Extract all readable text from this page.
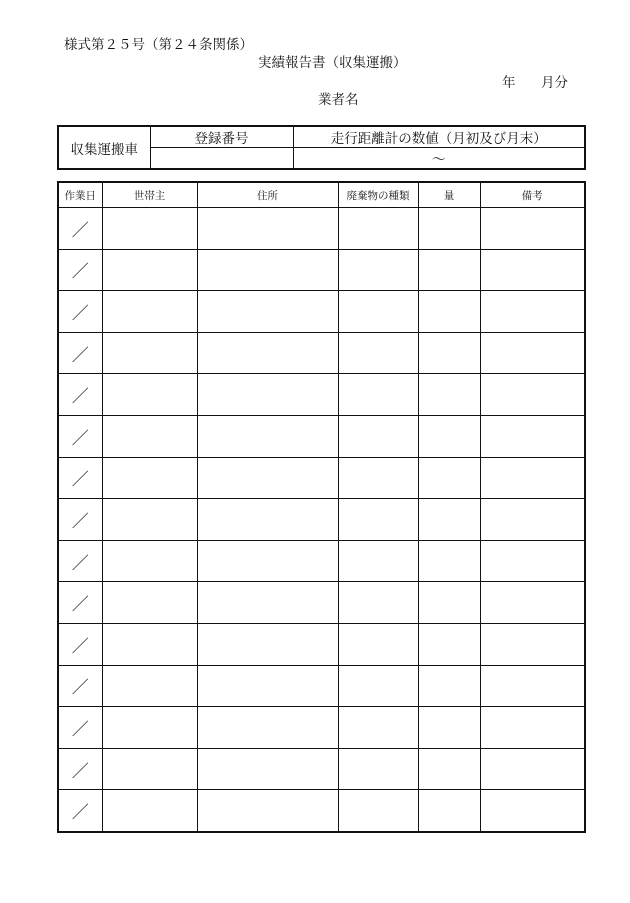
様式第２５号（第２４条関係）
実績報告書（収集運搬）
年 月分
業者名
収集運搬車	登録番号	走行距離計の数値（月初及び月末）
		～
作業日	世帯主	住所	廃棄物の種類	量	備考
／					
／					
／					
／					
／					
／					
／					
／					
／					
／					
／					
／					
／					
／					
／					
